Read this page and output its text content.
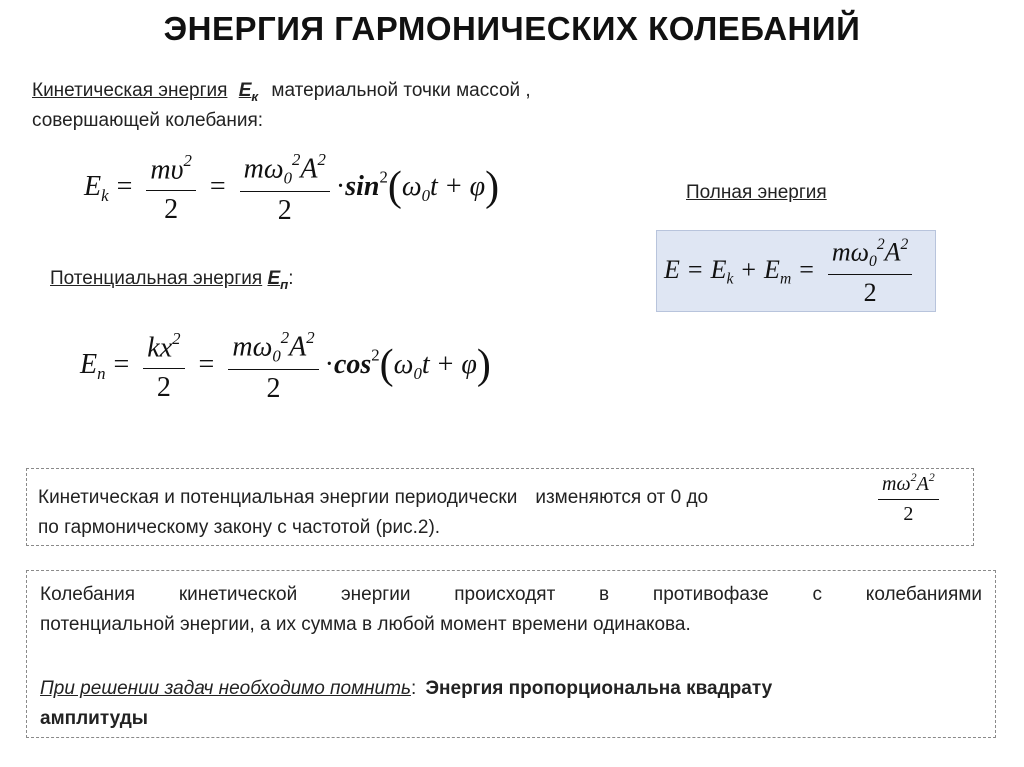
ЭНЕРГИЯ ГАРМОНИЧЕСКИХ КОЛЕБАНИЙ
Кинетическая энергия $E_к$ материальной точки массой ,
совершающей колебания:
$E_k = \frac{m\upsilon^2}{2} = \frac{m\omega_0^2A^2}{2} \cdot\sin^2(\omega_0t + \varphi)$	Полная энергия
$E = E_k + E_m = \frac{m\omega_0^2A^2}{2}$
Потенциальная энергия $E_п$:
$E_n = \frac{kx^2}{2} = \frac{m\omega_0^2A^2}{2} \cdot\cos^2(\omega_0t + \varphi)$
Кинетическая и потенциальная энергии периодически изменяются от 0 до	$\frac{m\omega^2A^2}{2}$
по гармоническому закону с частотой (рис.2).
Колебания кинетической энергии происходят в противофазе с колебаниями
потенциальной энергии, а их сумма в любой момент времени одинакова.
При решении задач необходимо помнить: Энергия пропорциональна квадрату
амплитуды
